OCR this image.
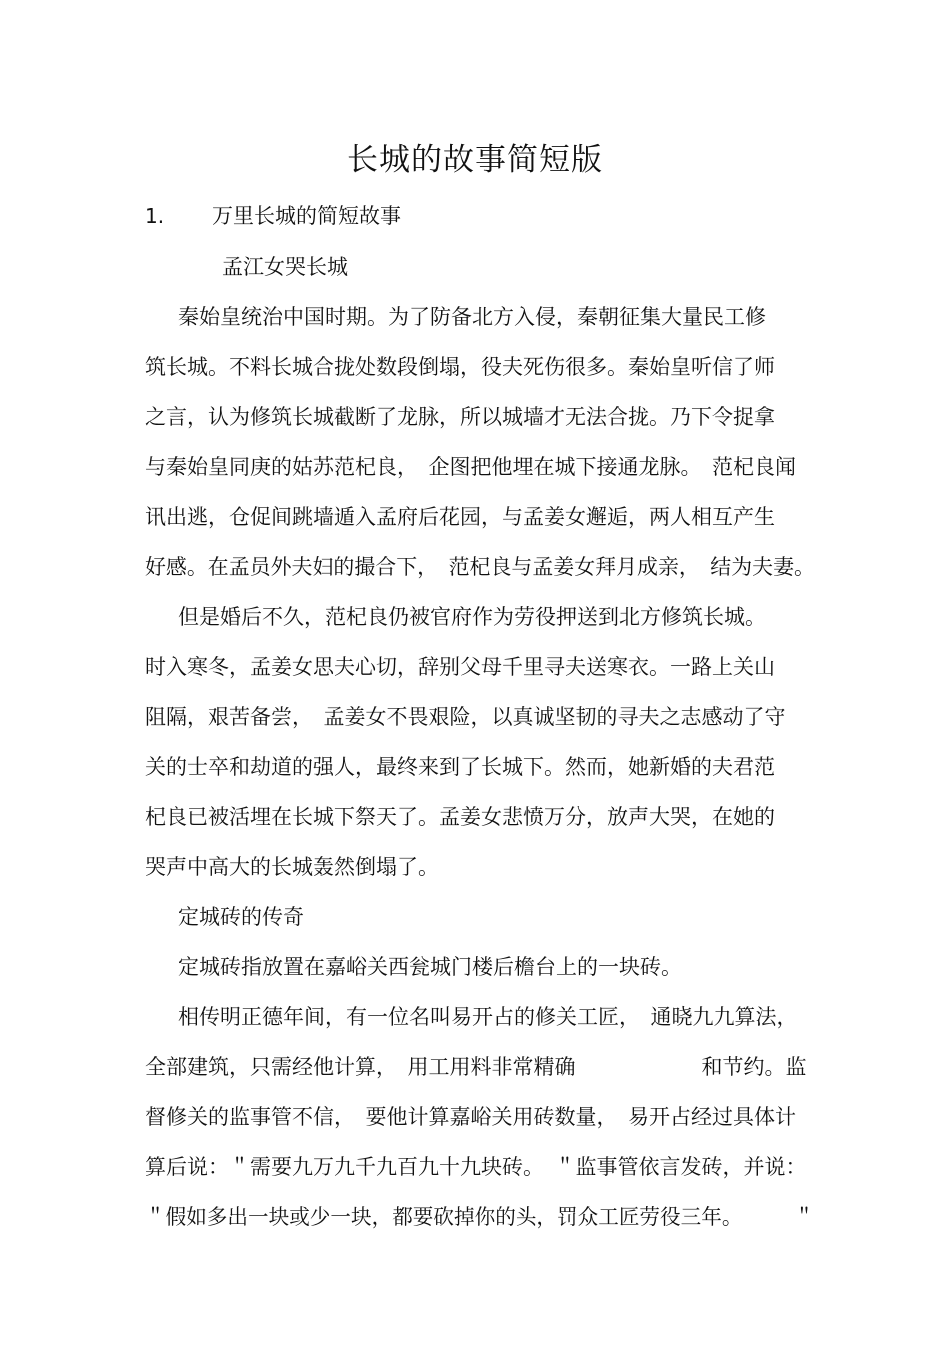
长城的故事简短版
1. 万里长城的简短故事
孟江女哭长城
秦始皇统治中国时期。为了防备北方入侵，秦朝征集大量民工修
筑长城。不料长城合拢处数段倒塌，役夫死伤很多。秦始皇听信了师
之言，认为修筑长城截断了龙脉，所以城墙才无法合拢。乃下令捉拿
与秦始皇同庚的姑苏范杞良，　企图把他埋在城下接通龙脉。　范杞良闻
讯出逃，仓促间跳墙遁入孟府后花园，与孟姜女邂逅，两人相互产生
好感。在孟员外夫妇的撮合下，　范杞良与孟姜女拜月成亲，　结为夫妻。
但是婚后不久，范杞良仍被官府作为劳役押送到北方修筑长城。
时入寒冬，孟姜女思夫心切，辞别父母千里寻夫送寒衣。一路上关山
阻隔，艰苦备尝，　孟姜女不畏艰险，以真诚坚韧的寻夫之志感动了守
关的士卒和劫道的强人，最终来到了长城下。然而，她新婚的夫君范
杞良已被活埋在长城下祭天了。孟姜女悲愤万分，放声大哭，在她的
哭声中高大的长城轰然倒塌了。
定城砖的传奇
定城砖指放置在嘉峪关西瓮城门楼后檐台上的一块砖。
相传明正德年间，有一位名叫易开占的修关工匠，　通晓九九算法，
全部建筑，只需经他计算，　用工用料非常精确　　　　　　和节约。监
督修关的监事管不信，　要他计算嘉峪关用砖数量，　易开占经过具体计
算后说：＂需要九万九千九百九十九块砖。　＂监事管依言发砖，并说：
＂假如多出一块或少一块，都要砍掉你的头，罚众工匠劳役三年。　　　＂
